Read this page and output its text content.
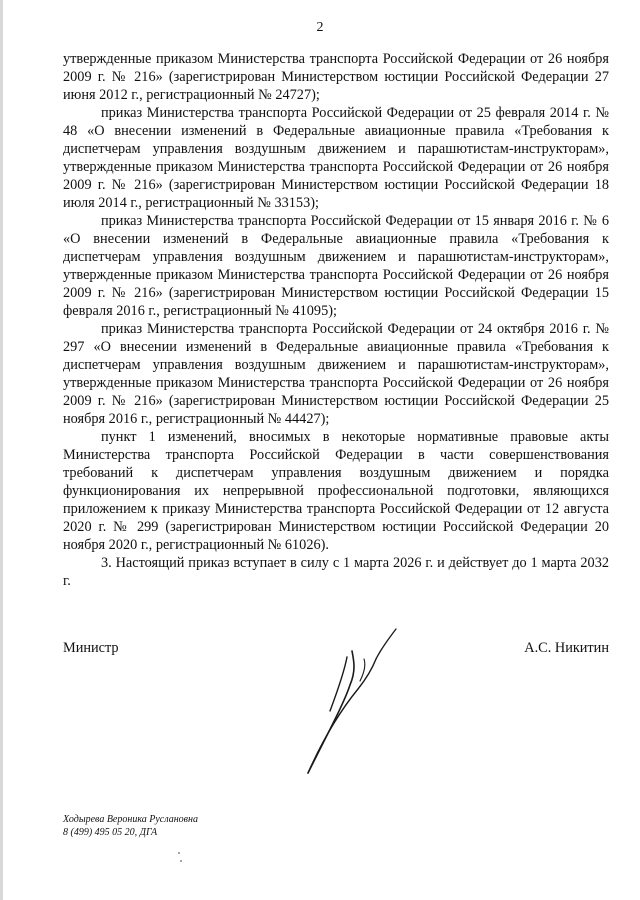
2

утвержденные приказом Министерства транспорта Российской Федерации от 26 ноября 2009 г. № 216» (зарегистрирован Министерством юстиции Российской Федерации 27 июня 2012 г., регистрационный № 24727);

приказ Министерства транспорта Российской Федерации от 25 февраля 2014 г. № 48 «О внесении изменений в Федеральные авиационные правила «Требования к диспетчерам управления воздушным движением и парашютистам-инструкторам», утвержденные приказом Министерства транспорта Российской Федерации от 26 ноября 2009 г. № 216» (зарегистрирован Министерством юстиции Российской Федерации 18 июля 2014 г., регистрационный № 33153);

приказ Министерства транспорта Российской Федерации от 15 января 2016 г. № 6 «О внесении изменений в Федеральные авиационные правила «Требования к диспетчерам управления воздушным движением и парашютистам-инструкторам», утвержденные приказом Министерства транспорта Российской Федерации от 26 ноября 2009 г. № 216» (зарегистрирован Министерством юстиции Российской Федерации 15 февраля 2016 г., регистрационный № 41095);

приказ Министерства транспорта Российской Федерации от 24 октября 2016 г. № 297 «О внесении изменений в Федеральные авиационные правила «Требования к диспетчерам управления воздушным движением и парашютистам-инструкторам», утвержденные приказом Министерства транспорта Российской Федерации от 26 ноября 2009 г. № 216» (зарегистрирован Министерством юстиции Российской Федерации 25 ноября 2016 г., регистрационный № 44427);

пункт 1 изменений, вносимых в некоторые нормативные правовые акты Министерства транспорта Российской Федерации в части совершенствования требований к диспетчерам управления воздушным движением и порядка функционирования их непрерывной профессиональной подготовки, являющихся приложением к приказу Министерства транспорта Российской Федерации от 12 августа 2020 г. № 299 (зарегистрирован Министерством юстиции Российской Федерации 20 ноября 2020 г., регистрационный № 61026).

3. Настоящий приказ вступает в силу с 1 марта 2026 г. и действует до 1 марта 2032 г.

Министр	А.С. Никитин
Ходырева Вероника Руслановна
8 (499) 495 05 20, ДГА
